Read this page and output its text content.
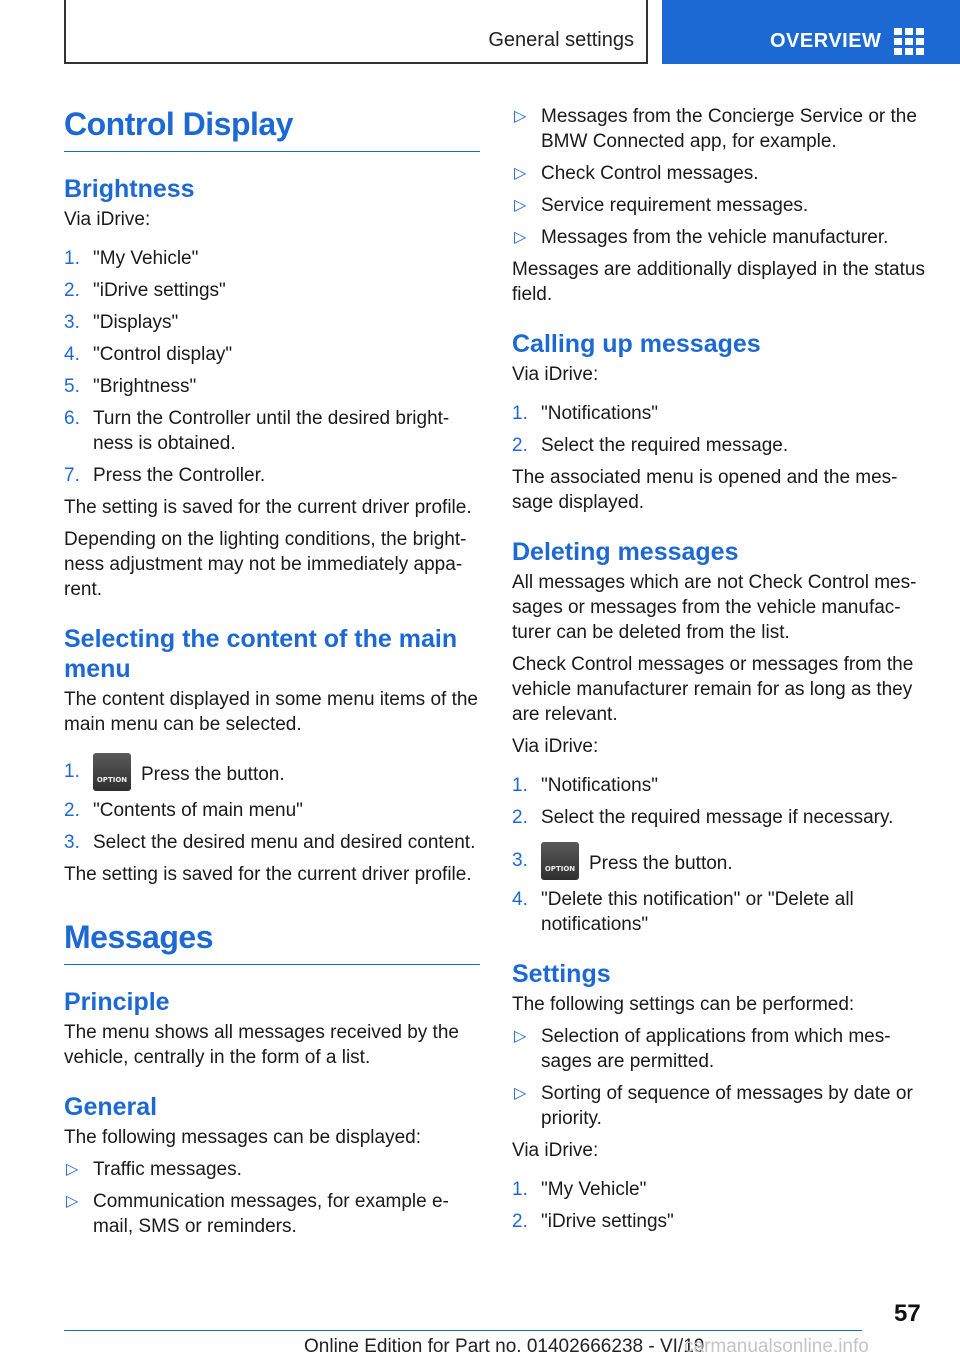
General settings	OVERVIEW
Control Display
Brightness

Via iDrive:

1. "My Vehicle"
2. "iDrive settings"
3. "Displays"
4. "Control display"
5. "Brightness"
6. Turn the Controller until the desired bright‐ness is obtained.
7. Press the Controller.

The setting is saved for the current driver profile.

Depending on the lighting conditions, the bright‐ness adjustment may not be immediately appa‐rent.

Selecting the content of the main menu

The content displayed in some menu items of the main menu can be selected.

1. OPTION	Press the button.
2. "Contents of main menu"
3. Select the desired menu and desired content.

The setting is saved for the current driver profile.

Messages
Principle

The menu shows all messages received by the vehicle, centrally in the form of a list.

General

The following messages can be displayed:

▷ Traffic messages.
▷ Communication messages, for example e-mail, SMS or reminders.
▷ Messages from the Concierge Service or the BMW Connected app, for example.
▷ Check Control messages.
▷ Service requirement messages.
▷ Messages from the vehicle manufacturer.

Messages are additionally displayed in the status field.

Calling up messages

Via iDrive:

1. "Notifications"
2. Select the required message.

The associated menu is opened and the mes‐sage displayed.

Deleting messages

All messages which are not Check Control mes‐sages or messages from the vehicle manufac‐turer can be deleted from the list.

Check Control messages or messages from the vehicle manufacturer remain for as long as they are relevant.

Via iDrive:

1. "Notifications"
2. Select the required message if necessary.
3. OPTION	Press the button.
4. "Delete this notification" or "Delete all notifications"
Settings

The following settings can be performed:

▷ Selection of applications from which mes‐sages are permitted.
▷ Sorting of sequence of messages by date or priority.

Via iDrive:

1. "My Vehicle"
2. "iDrive settings"
57
Online Edition for Part no. 01402666238 - VI/19
carmanualsonline.info
